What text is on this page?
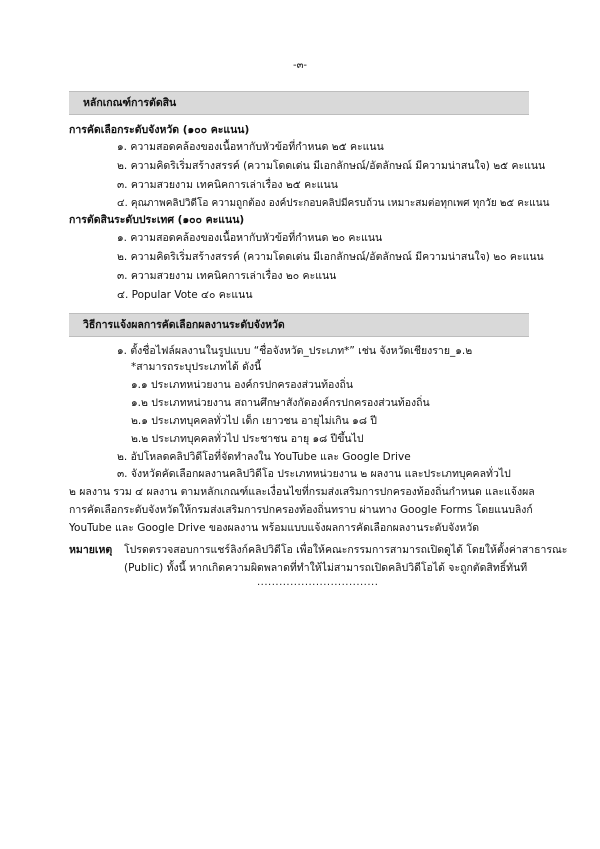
-๓-
หลักเกณฑ์การตัดสิน
การคัดเลือกระดับจังหวัด (๑๐๐ คะแนน)
๑. ความสอดคล้องของเนื้อหากับหัวข้อที่กำหนด ๒๕ คะแนน
๒. ความคิดริเริ่มสร้างสรรค์ (ความโดดเด่น มีเอกลักษณ์/อัตลักษณ์ มีความน่าสนใจ) ๒๕ คะแนน
๓. ความสวยงาม เทคนิคการเล่าเรื่อง ๒๕ คะแนน
๔. คุณภาพคลิปวิดีโอ ความถูกต้อง องค์ประกอบคลิปมีครบถ้วน เหมาะสมต่อทุกเพศ ทุกวัย ๒๕ คะแนน
การตัดสินระดับประเทศ (๑๐๐ คะแนน)
๑. ความสอดคล้องของเนื้อหากับหัวข้อที่กำหนด ๒๐ คะแนน
๒. ความคิดริเริ่มสร้างสรรค์ (ความโดดเด่น มีเอกลักษณ์/อัตลักษณ์ มีความน่าสนใจ) ๒๐ คะแนน
๓. ความสวยงาม เทคนิคการเล่าเรื่อง ๒๐ คะแนน
๔. Popular Vote ๔๐ คะแนน
วิธีการแจ้งผลการคัดเลือกผลงานระดับจังหวัด
๑. ตั้งชื่อไฟล์ผลงานในรูปแบบ “ชื่อจังหวัด_ประเภท*” เช่น จังหวัดเชียงราย_๑.๒
*สามารถระบุประเภทได้ ดังนี้
๑.๑ ประเภทหน่วยงาน องค์กรปกครองส่วนท้องถิ่น
๑.๒ ประเภทหน่วยงาน สถานศึกษาสังกัดองค์กรปกครองส่วนท้องถิ่น
๒.๑ ประเภทบุคคลทั่วไป เด็ก เยาวชน อายุไม่เกิน ๑๘ ปี
๒.๒ ประเภทบุคคลทั่วไป ประชาชน อายุ ๑๘ ปีขึ้นไป
๒. อัปโหลดคลิปวิดีโอที่จัดทำลงใน YouTube และ Google Drive
๓. จังหวัดคัดเลือกผลงานคลิปวิดีโอ ประเภทหน่วยงาน ๒ ผลงาน และประเภทบุคคลทั่วไป
๒ ผลงาน รวม ๔ ผลงาน ตามหลักเกณฑ์และเงื่อนไขที่กรมส่งเสริมการปกครองท้องถิ่นกำหนด และแจ้งผล
การคัดเลือกระดับจังหวัดให้กรมส่งเสริมการปกครองท้องถิ่นทราบ ผ่านทาง Google Forms โดยแนบลิงก์
YouTube และ Google Drive ของผลงาน พร้อมแบบแจ้งผลการคัดเลือกผลงานระดับจังหวัด
หมายเหตุ โปรดตรวจสอบการแชร์ลิงก์คลิปวิดีโอ เพื่อให้คณะกรรมการสามารถเปิดดูได้ โดยให้ตั้งค่าสาธารณะ
(Public) ทั้งนี้ หากเกิดความผิดพลาดที่ทำให้ไม่สามารถเปิดคลิปวิดีโอได้ จะถูกตัดสิทธิ์ทันที
.................................
